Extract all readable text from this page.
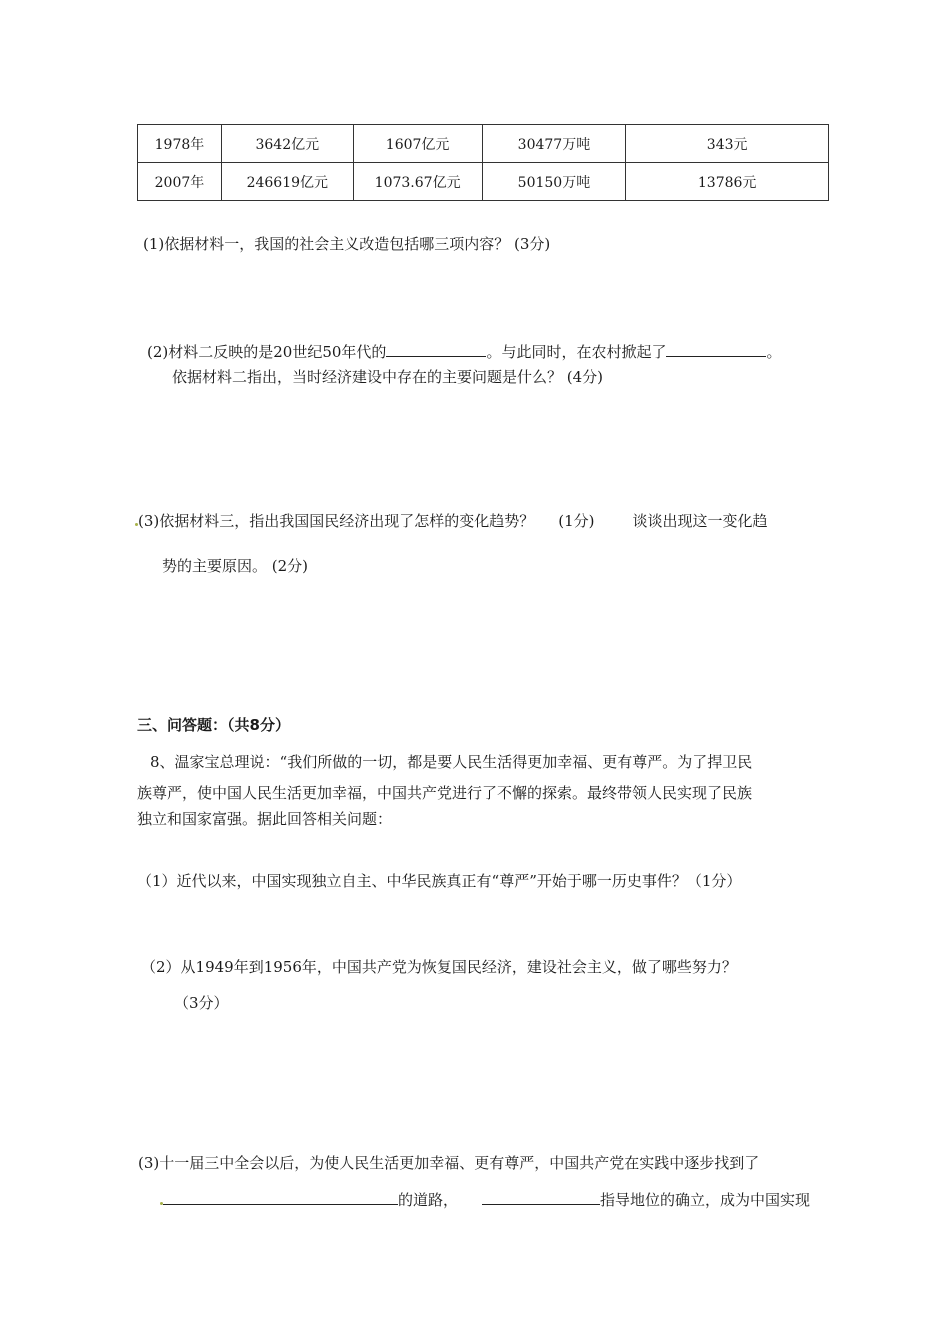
1978年	3642亿元	1607亿元	30477万吨	343元
2007年	246619亿元	1073.67亿元	50150万吨	13786元
(1)依据材料一，我国的社会主义改造包括哪三项内容？ (3分)
(2)材料二反映的是20世纪50年代的	。与此同时，在农村掀起了	。
依据材料二指出，当时经济建设中存在的主要问题是什么？ (4分)
(3)依据材料三，指出我国国民经济出现了怎样的变化趋势？ (1分)	谈谈出现这一变化趋
势的主要原因。 (2分)
三、问答题：（共8分）
8、温家宝总理说：“我们所做的一切，都是要人民生活得更加幸福、更有尊严。为了捍卫民
族尊严，使中国人民生活更加幸福，中国共产党进行了不懈的探索。最终带领人民实现了民族
独立和国家富强。据此回答相关问题：
（1）近代以来，中国实现独立自主、中华民族真正有“尊严”开始于哪一历史事件？（1分）
（2）从1949年到1956年，中国共产党为恢复国民经济，建设社会主义，做了哪些努力？
（3分）
(3)十一届三中全会以后，为使人民生活更加幸福、更有尊严，中国共产党在实践中逐步找到了
的道路，	指导地位的确立，成为中国实现
